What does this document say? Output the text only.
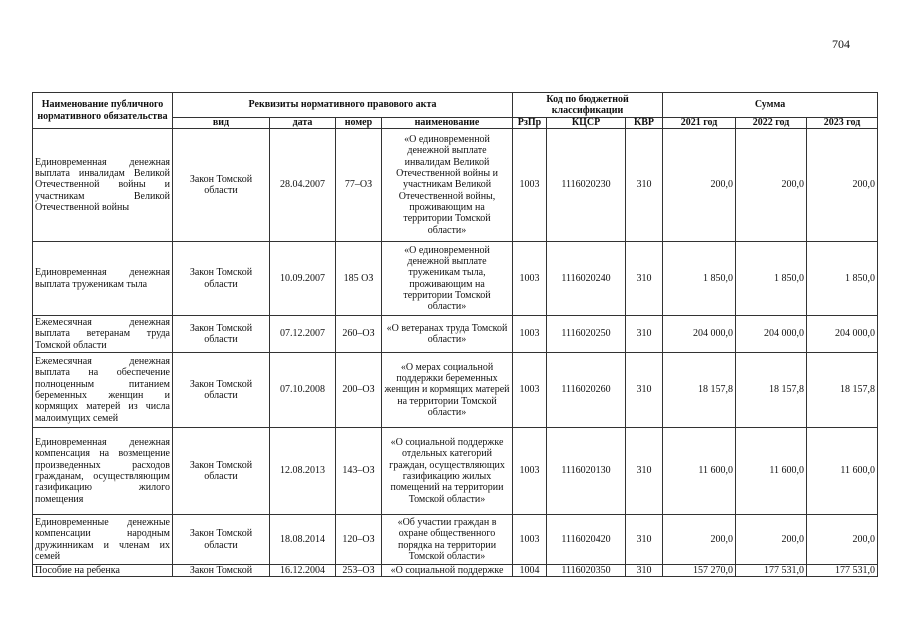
704
Наименование публичного нормативного обязательства	Реквизиты нормативного правового акта				Код по бюджетной классификации			Сумма		
	вид	дата	номер	наименование	РзПр	КЦСР	КВР	2021 год	2022 год	2023 год
Единовременная денежная выплата инвалидам Великой Отечественной войны и участникам Великой Отечественной войны	Закон Томской области	28.04.2007	77–ОЗ	«О единовременной денежной выплате инвалидам Великой Отечественной войны и участникам Великой Отечественной войны, проживающим на территории Томской области»	1003	1116020230	310	200,0	200,0	200,0
Единовременная денежная выплата труженикам тыла	Закон Томской области	10.09.2007	185 ОЗ	«О единовременной денежной выплате труженикам тыла, проживающим на территории Томской области»	1003	1116020240	310	1 850,0	1 850,0	1 850,0
Ежемесячная денежная выплата ветеранам труда Томской области	Закон Томской области	07.12.2007	260–ОЗ	«О ветеранах труда Томской области»	1003	1116020250	310	204 000,0	204 000,0	204 000,0
Ежемесячная денежная выплата на обеспечение полноценным питанием беременных женщин и кормящих матерей из числа малоимущих семей	Закон Томской области	07.10.2008	200–ОЗ	«О мерах социальной поддержки беременных женщин и кормящих матерей на территории Томской области»	1003	1116020260	310	18 157,8	18 157,8	18 157,8
Единовременная денежная компенсация на возмещение произведенных расходов гражданам, осуществляющим газификацию жилого помещения	Закон Томской области	12.08.2013	143–ОЗ	«О социальной поддержке отдельных категорий граждан, осуществляющих газификацию жилых помещений на территории Томской области»	1003	1116020130	310	11 600,0	11 600,0	11 600,0
Единовременные денежные компенсации народным дружинникам и членам их семей	Закон Томской области	18.08.2014	120–ОЗ	«Об участии граждан в охране общественного порядка на территории Томской области»	1003	1116020420	310	200,0	200,0	200,0
Пособие на ребенка	Закон Томской	16.12.2004	253–ОЗ	«О социальной поддержке	1004	1116020350	310	157 270,0	177 531,0	177 531,0
